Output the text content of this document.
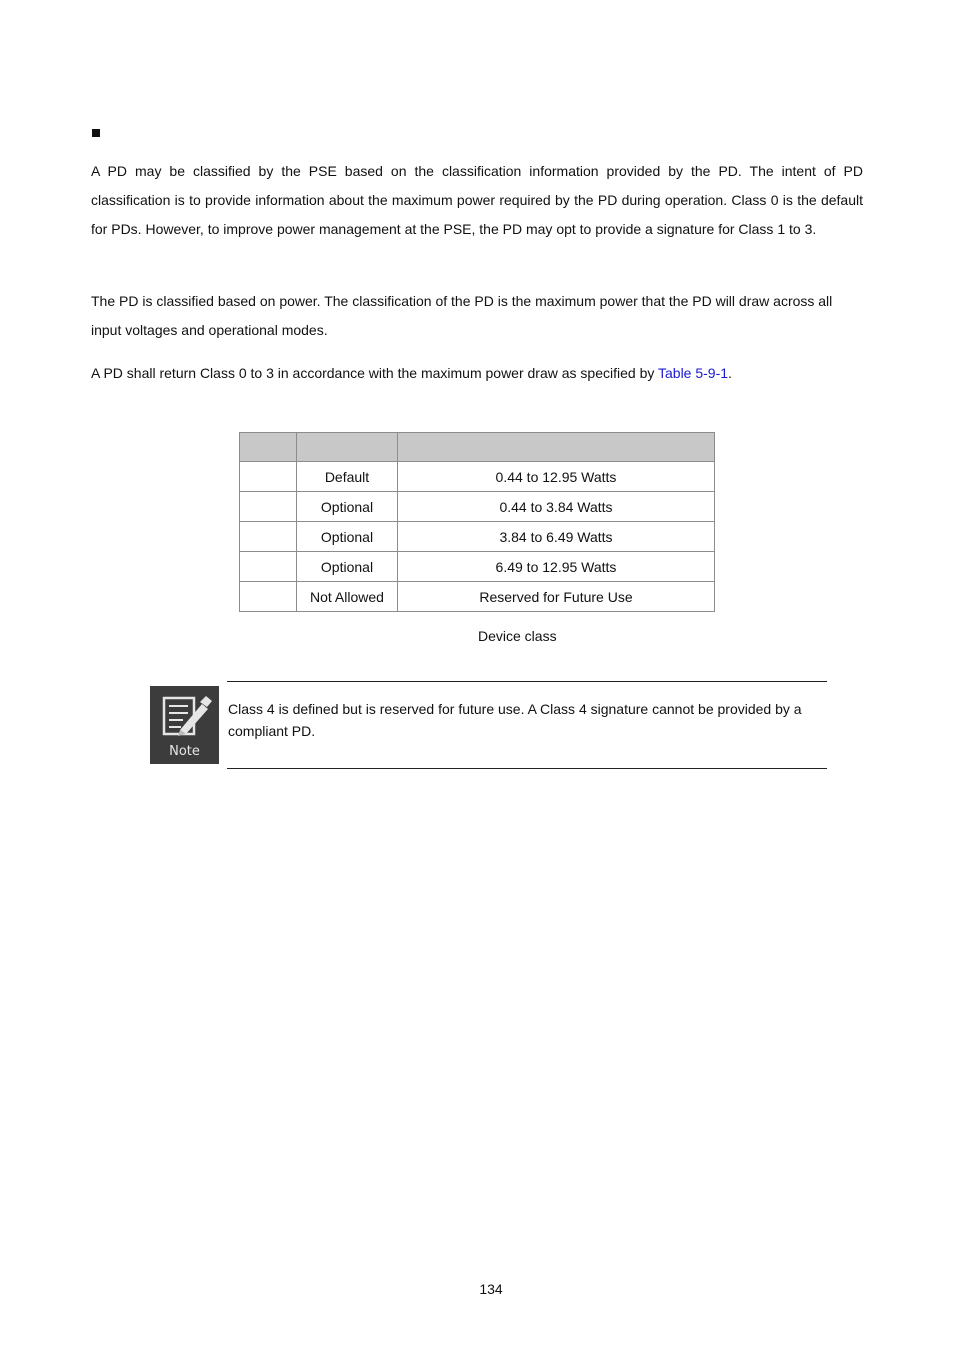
A PD may be classified by the PSE based on the classification information provided by the PD. The intent of PD classification is to provide information about the maximum power required by the PD during operation. Class 0 is the default for PDs. However, to improve power management at the PSE, the PD may opt to provide a signature for Class 1 to 3.

The PD is classified based on power. The classification of the PD is the maximum power that the PD will draw across all input voltages and operational modes.

A PD shall return Class 0 to 3 in accordance with the maximum power draw as specified by Table 5-9-1.

	Default	0.44 to 12.95 Watts
	Optional	0.44 to 3.84 Watts
	Optional	3.84 to 6.49 Watts
	Optional	6.49 to 12.95 Watts
	Not Allowed	Reserved for Future Use
Device class
Note

Class 4 is defined but is reserved for future use. A Class 4 signature cannot be provided by a compliant PD.

134
